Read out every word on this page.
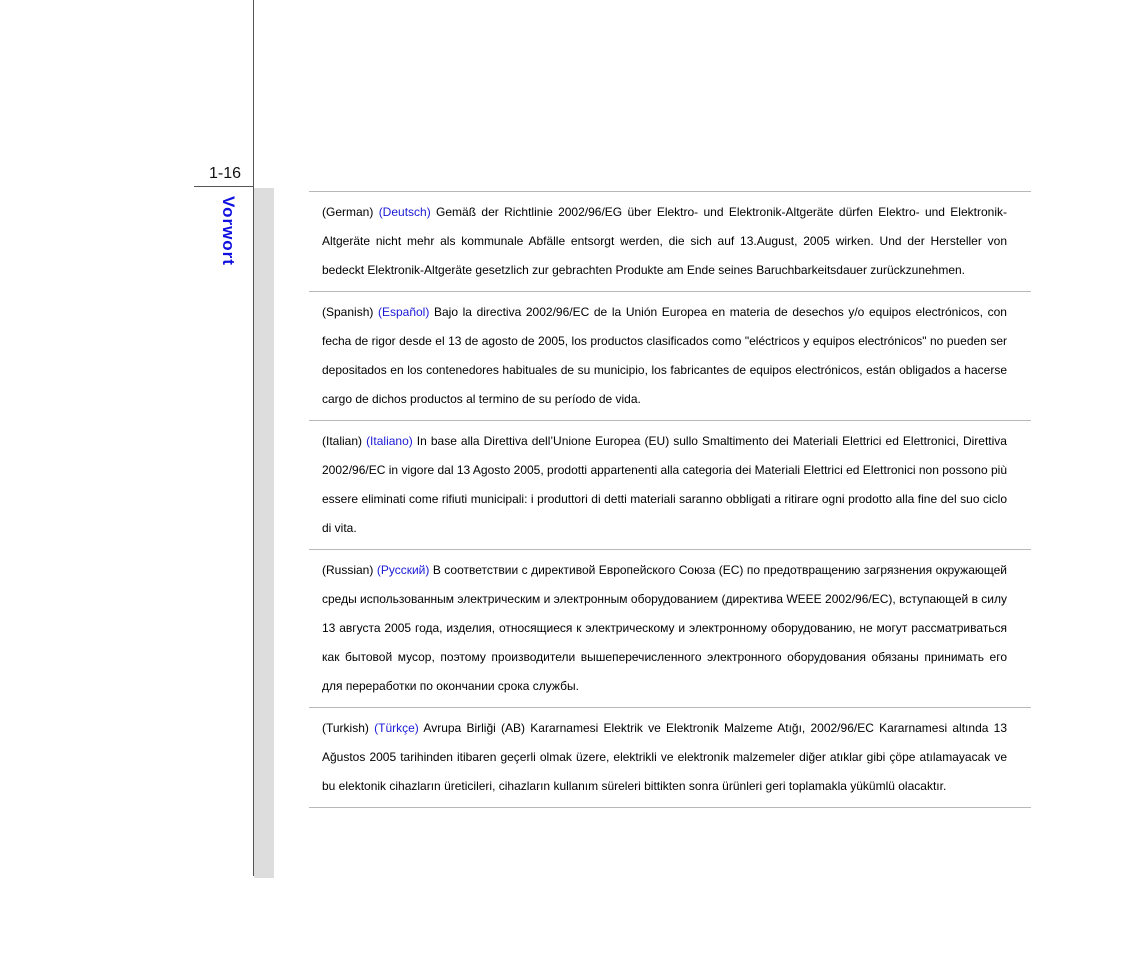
1-16
Vorwort	(German) (Deutsch) Gemäß der Richtlinie 2002/96/EG über Elektro- und Elektronik-Altgeräte dürfen Elektro- und Elektronik-Altgeräte nicht mehr als kommunale Abfälle entsorgt werden, die sich auf 13.August, 2005 wirken. Und der Hersteller von bedeckt Elektronik-Altgeräte gesetzlich zur gebrachten Produkte am Ende seines Baruchbarkeitsdauer zurückzunehmen.
(Spanish) (Español) Bajo la directiva 2002/96/EC de la Unión Europea en materia de desechos y/o equipos electrónicos, con fecha de rigor desde el 13 de agosto de 2005, los productos clasificados como "eléctricos y equipos electrónicos" no pueden ser depositados en los contenedores habituales de su municipio, los fabricantes de equipos electrónicos, están obligados a hacerse cargo de dichos productos al termino de su período de vida.
(Italian) (Italiano) In base alla Direttiva dell’Unione Europea (EU) sullo Smaltimento dei Materiali Elettrici ed Elettronici, Direttiva 2002/96/EC in vigore dal 13 Agosto 2005, prodotti appartenenti alla categoria dei Materiali Elettrici ed Elettronici non possono più essere eliminati come rifiuti municipali: i produttori di detti materiali saranno obbligati a ritirare ogni prodotto alla fine del suo ciclo di vita.
(Russian) (Русский) В соответствии с директивой Европейского Союза (ЕС) по предотвращению загрязнения окружающей среды использованным электрическим и электронным оборудованием (директива WEEE 2002/96/EC), вступающей в силу 13 августа 2005 года, изделия, относящиеся к электрическому и электронному оборудованию, не могут рассматриваться как бытовой мусор, поэтому производители вышеперечисленного электронного оборудования обязаны принимать его для переработки по окончании срока службы.
(Turkish) (Türkçe) Avrupa Birliği (AB) Kararnamesi Elektrik ve Elektronik Malzeme Atığı, 2002/96/EC Kararnamesi altında 13 Ağustos 2005 tarihinden itibaren geçerli olmak üzere, elektrikli ve elektronik malzemeler diğer atıklar gibi çöpe atılamayacak ve bu elektonik cihazların üreticileri, cihazların kullanım süreleri bittikten sonra ürünleri geri toplamakla yükümlü olacaktır.
